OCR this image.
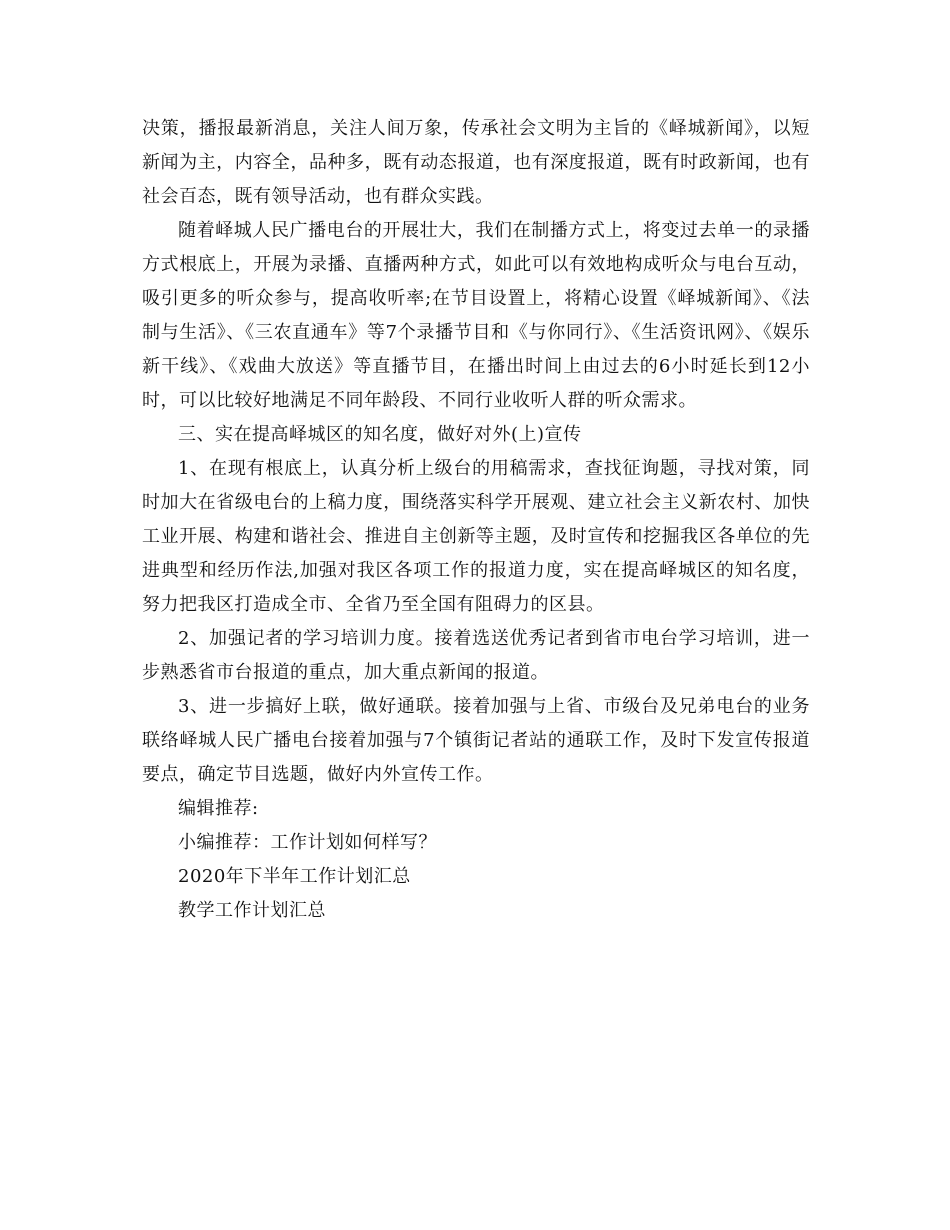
决策，播报最新消息，关注人间万象，传承社会文明为主旨的《峄城新闻》，以短新闻为主，内容全，品种多，既有动态报道，也有深度报道，既有时政新闻，也有社会百态，既有领导活动，也有群众实践。

随着峄城人民广播电台的开展壮大，我们在制播方式上，将变过去单一的录播方式根底上，开展为录播、直播两种方式，如此可以有效地构成听众与电台互动，吸引更多的听众参与，提高收听率;在节目设置上，将精心设置《峄城新闻》、《法制与生活》、《三农直通车》等7个录播节目和《与你同行》、《生活资讯网》、《娱乐新干线》、《戏曲大放送》等直播节目，在播出时间上由过去的6小时延长到12小时，可以比较好地满足不同年龄段、不同行业收听人群的听众需求。

三、实在提高峄城区的知名度，做好对外(上)宣传

1、在现有根底上，认真分析上级台的用稿需求，查找征询题，寻找对策，同时加大在省级电台的上稿力度，围绕落实科学开展观、建立社会主义新农村、加快工业开展、构建和谐社会、推进自主创新等主题，及时宣传和挖掘我区各单位的先进典型和经历作法,加强对我区各项工作的报道力度，实在提高峄城区的知名度，努力把我区打造成全市、全省乃至全国有阻碍力的区县。

2、加强记者的学习培训力度。接着选送优秀记者到省市电台学习培训，进一步熟悉省市台报道的重点，加大重点新闻的报道。

3、进一步搞好上联，做好通联。接着加强与上省、市级台及兄弟电台的业务联络峄城人民广播电台接着加强与7个镇街记者站的通联工作，及时下发宣传报道要点，确定节目选题，做好内外宣传工作。

编辑推荐:

小编推荐：工作计划如何样写？

2020年下半年工作计划汇总

教学工作计划汇总
